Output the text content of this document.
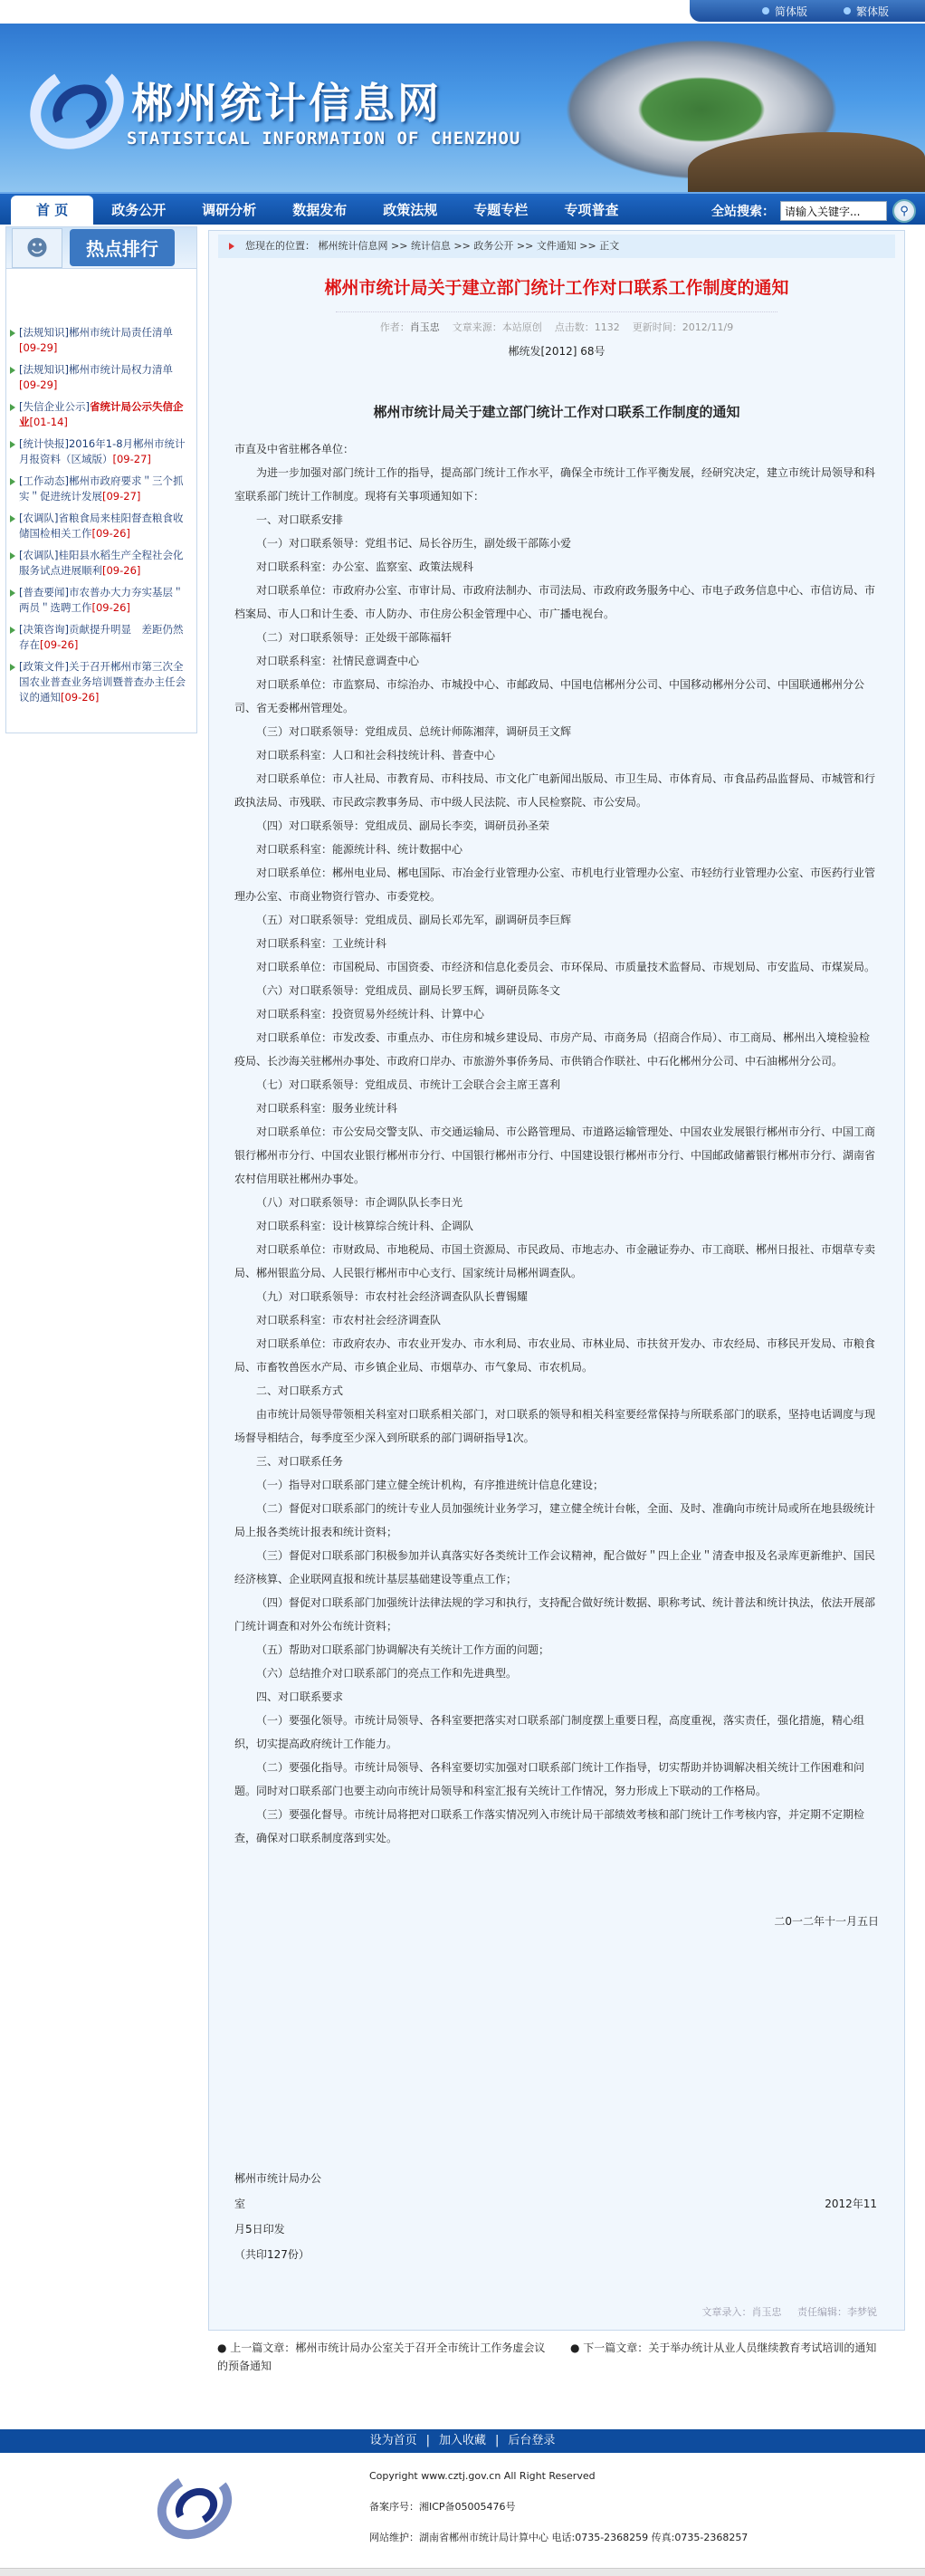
简体版	繁体版
郴州统计信息网
STATISTICAL INFORMATION OF CHENZHOU
首 页	政务公开	调研分析	数据发布	政策法规	专题专栏	专项普查	全站搜索：
请输入关键字...	⚲
☻	热点排行
[法规知识]郴州市统计局责任清单[09-29]
[法规知识]郴州市统计局权力清单[09-29]
[失信企业公示]省统计局公示失信企业[01-14]
[统计快报]2016年1-8月郴州市统计月报资料（区域版）[09-27]
[工作动态]郴州市政府要求＂三个抓实＂促进统计发展[09-27]
[农调队]省粮食局来桂阳督查粮食收储国检相关工作[09-26]
[农调队]桂阳县水稻生产全程社会化服务试点进展顺利[09-26]
[普查要闻]市农普办大力夯实基层＂两员＂选聘工作[09-26]
[决策咨询]贡献提升明显　差距仍然存在[09-26]
[政策文件]关于召开郴州市第三次全国农业普查业务培训暨普查办主任会议的通知[09-26]
您现在的位置： 郴州统计信息网 >> 统计信息 >> 政务公开 >> 文件通知 >> 正文
郴州市统计局关于建立部门统计工作对口联系工作制度的通知
作者：肖玉忠 文章来源：本站原创 点击数：1132 更新时间：2012/11/9
郴统发[2012] 68号
郴州市统计局关于建立部门统计工作对口联系工作制度的通知

市直及中省驻郴各单位：

为进一步加强对部门统计工作的指导，提高部门统计工作水平，确保全市统计工作平衡发展，经研究决定，建立市统计局领导和科室联系部门统计工作制度。现将有关事项通知如下：

一、对口联系安排

（一）对口联系领导：党组书记、局长谷历生，副处级干部陈小爱

对口联系科室：办公室、监察室、政策法规科

对口联系单位：市政府办公室、市审计局、市政府法制办、市司法局、市政府政务服务中心、市电子政务信息中心、市信访局、市档案局、市人口和计生委、市人防办、市住房公积金管理中心、市广播电视台。

（二）对口联系领导：正处级干部陈福轩

对口联系科室：社情民意调查中心

对口联系单位：市监察局、市综治办、市城投中心、市邮政局、中国电信郴州分公司、中国移动郴州分公司、中国联通郴州分公司、省无委郴州管理处。

（三）对口联系领导：党组成员、总统计师陈湘萍，调研员王文辉

对口联系科室：人口和社会科技统计科、普查中心

对口联系单位：市人社局、市教育局、市科技局、市文化广电新闻出版局、市卫生局、市体育局、市食品药品监督局、市城管和行政执法局、市残联、市民政宗教事务局、市中级人民法院、市人民检察院、市公安局。

（四）对口联系领导：党组成员、副局长李奕，调研员孙圣荣

对口联系科室：能源统计科、统计数据中心

对口联系单位：郴州电业局、郴电国际、市冶金行业管理办公室、市机电行业管理办公室、市轻纺行业管理办公室、市医药行业管理办公室、市商业物资行管办、市委党校。

（五）对口联系领导：党组成员、副局长邓先军，副调研员李巨辉

对口联系科室：工业统计科

对口联系单位：市国税局、市国资委、市经济和信息化委员会、市环保局、市质量技术监督局、市规划局、市安监局、市煤炭局。

（六）对口联系领导：党组成员、副局长罗玉辉，调研员陈冬文

对口联系科室：投资贸易外经统计科、计算中心

对口联系单位：市发改委、市重点办、市住房和城乡建设局、市房产局、市商务局（招商合作局）、市工商局、郴州出入境检验检疫局、长沙海关驻郴州办事处、市政府口岸办、市旅游外事侨务局、市供销合作联社、中石化郴州分公司、中石油郴州分公司。

（七）对口联系领导：党组成员、市统计工会联合会主席王喜利

对口联系科室：服务业统计科

对口联系单位：市公安局交警支队、市交通运输局、市公路管理局、市道路运输管理处、中国农业发展银行郴州市分行、中国工商银行郴州市分行、中国农业银行郴州市分行、中国银行郴州市分行、中国建设银行郴州市分行、中国邮政储蓄银行郴州市分行、湖南省农村信用联社郴州办事处。

（八）对口联系领导：市企调队队长李日光

对口联系科室：设计核算综合统计科、企调队

对口联系单位：市财政局、市地税局、市国土资源局、市民政局、市地志办、市金融证券办、市工商联、郴州日报社、市烟草专卖局、郴州银监分局、人民银行郴州市中心支行、国家统计局郴州调查队。

（九）对口联系领导：市农村社会经济调查队队长曹锡耀

对口联系科室：市农村社会经济调查队

对口联系单位：市政府农办、市农业开发办、市水利局、市农业局、市林业局、市扶贫开发办、市农经局、市移民开发局、市粮食局、市畜牧兽医水产局、市乡镇企业局、市烟草办、市气象局、市农机局。

二、对口联系方式

由市统计局领导带领相关科室对口联系相关部门，对口联系的领导和相关科室要经常保持与所联系部门的联系，坚持电话调度与现场督导相结合，每季度至少深入到所联系的部门调研指导1次。

三、对口联系任务

（一）指导对口联系部门建立健全统计机构，有序推进统计信息化建设；

（二）督促对口联系部门的统计专业人员加强统计业务学习，建立健全统计台帐，全面、及时、准确向市统计局或所在地县级统计局上报各类统计报表和统计资料；

（三）督促对口联系部门积极参加并认真落实好各类统计工作会议精神，配合做好＂四上企业＂清查申报及名录库更新维护、国民经济核算、企业联网直报和统计基层基础建设等重点工作；

（四）督促对口联系部门加强统计法律法规的学习和执行，支持配合做好统计数据、职称考试、统计普法和统计执法，依法开展部门统计调查和对外公布统计资料；

（五）帮助对口联系部门协调解决有关统计工作方面的问题；

（六）总结推介对口联系部门的亮点工作和先进典型。

四、对口联系要求

（一）要强化领导。市统计局领导、各科室要把落实对口联系部门制度摆上重要日程，高度重视，落实责任，强化措施，精心组织，切实提高政府统计工作能力。

（二）要强化指导。市统计局领导、各科室要切实加强对口联系部门统计工作指导，切实帮助并协调解决相关统计工作困难和问题。同时对口联系部门也要主动向市统计局领导和科室汇报有关统计工作情况，努力形成上下联动的工作格局。

（三）要强化督导。市统计局将把对口联系工作落实情况列入市统计局干部绩效考核和部门统计工作考核内容，并定期不定期检查，确保对口联系制度落到实处。

二0一二年十一月五日
郴州市统计局办公
室	2012年11
月5日印发
（共印127份）
文章录入：肖玉忠 责任编辑：李梦锐
● 上一篇文章：郴州市统计局办公室关于召开全市统计工作务虚会议的预备通知
● 下一篇文章：关于举办统计从业人员继续教育考试培训的通知
设为首页 | 加入收藏 | 后台登录
Copyright www.cztj.gov.cn All Right Reserved
备案序号：湘ICP备05005476号
网站维护：湖南省郴州市统计局计算中心 电话:0735-2368259 传真:0735-2368257
